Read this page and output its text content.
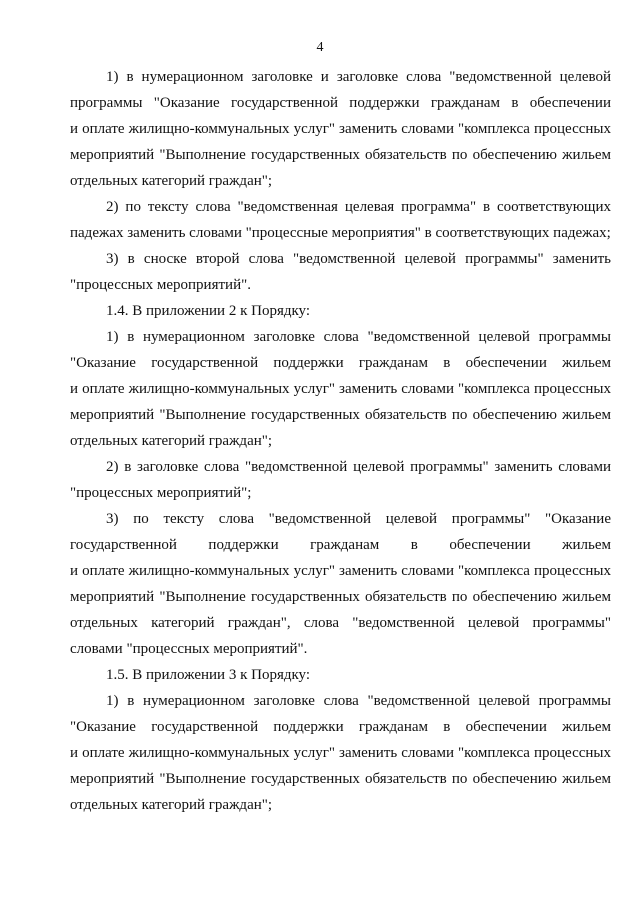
4
1) в нумерационном заголовке и заголовке слова "ведомственной целевой
программы "Оказание государственной поддержки гражданам в обеспечении
и оплате жилищно-коммунальных услуг" заменить словами "комплекса процессных
мероприятий "Выполнение государственных обязательств по обеспечению жильем
отдельных категорий граждан";
2) по тексту слова "ведомственная целевая программа" в соответствующих
падежах заменить словами "процессные мероприятия" в соответствующих падежах;
3) в сноске второй слова "ведомственной целевой программы" заменить
"процессных мероприятий".
1.4. В приложении 2 к Порядку:
1) в нумерационном заголовке слова "ведомственной целевой программы
"Оказание государственной поддержки гражданам в обеспечении жильем
и оплате жилищно-коммунальных услуг" заменить словами "комплекса процессных
мероприятий "Выполнение государственных обязательств по обеспечению жильем
отдельных категорий граждан";
2) в заголовке слова "ведомственной целевой программы" заменить словами
"процессных мероприятий";
3) по тексту слова "ведомственной целевой программы" "Оказание
государственной поддержки гражданам в обеспечении жильем
и оплате жилищно-коммунальных услуг" заменить словами "комплекса процессных
мероприятий "Выполнение государственных обязательств по обеспечению жильем
отдельных категорий граждан", слова "ведомственной целевой программы"
словами "процессных мероприятий".
1.5. В приложении 3 к Порядку:
1) в нумерационном заголовке слова "ведомственной целевой программы
"Оказание государственной поддержки гражданам в обеспечении жильем
и оплате жилищно-коммунальных услуг" заменить словами "комплекса процессных
мероприятий "Выполнение государственных обязательств по обеспечению жильем
отдельных категорий граждан";
